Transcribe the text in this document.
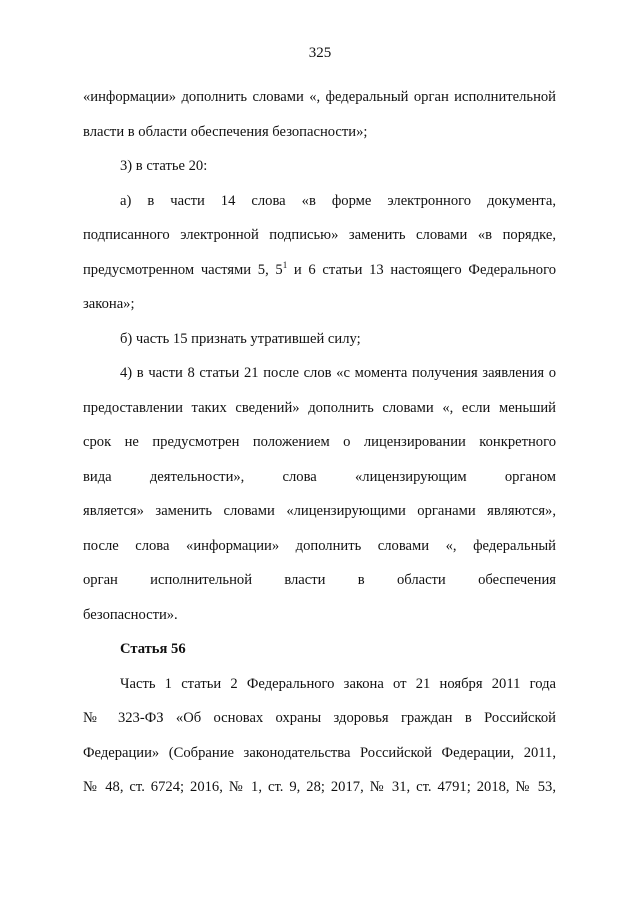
325
«информации» дополнить словами «, федеральный орган исполнительной
власти в области обеспечения безопасности»;
3) в статье 20:
а) в части 14 слова «в форме электронного документа,
подписанного электронной подписью» заменить словами «в порядке,
предусмотренном частями 5, $5^1$ и 6 статьи 13 настоящего Федерального
закона»;
б) часть 15 признать утратившей силу;
4) в части 8 статьи 21 после слов «с момента получения заявления о
предоставлении таких сведений» дополнить словами «, если меньший
срок не предусмотрен положением о лицензировании конкретного
вида деятельности», слова «лицензирующим органом
является» заменить словами «лицензирующими органами являются»,
после слова «информации» дополнить словами «, федеральный
орган исполнительной власти в области обеспечения
безопасности».
Статья 56
Часть 1 статьи 2 Федерального закона от 21 ноября 2011 года
№ 323-ФЗ «Об основах охраны здоровья граждан в Российской
Федерации» (Собрание законодательства Российской Федерации, 2011,
№ 48, ст. 6724; 2016, № 1, ст. 9, 28; 2017, № 31, ст. 4791; 2018, № 53,
